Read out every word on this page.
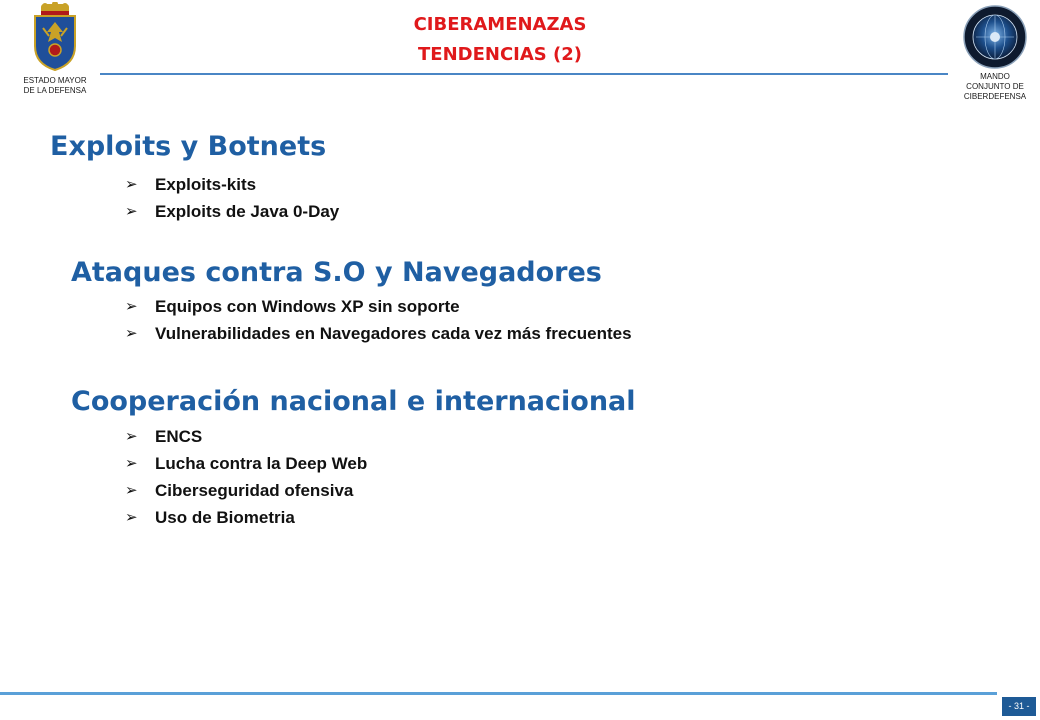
ESTADO MAYOR
DE LA DEFENSA
CIBERAMENAZAS
TENDENCIAS (2)
MANDO
CONJUNTO DE
CIBERDEFENSA
Exploits y Botnets
➢	Exploits-kits
➢	Exploits de Java 0-Day
Ataques contra S.O y Navegadores
➢	Equipos con Windows XP sin soporte
➢	Vulnerabilidades en Navegadores cada vez más frecuentes
Cooperación nacional e internacional
➢	ENCS
➢	Lucha contra la Deep Web
➢	Ciberseguridad ofensiva
➢	Uso de Biometria
- 31 -
